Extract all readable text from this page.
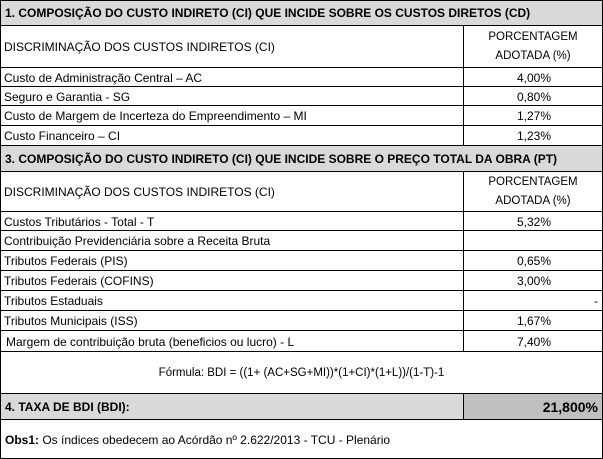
1. COMPOSIÇÃO DO CUSTO INDIRETO (CI) QUE INCIDE SOBRE OS CUSTOS DIRETOS (CD)
DISCRIMINAÇÃO DOS CUSTOS INDIRETOS (CI)
PORCENTAGEM
ADOTADA (%)
Custo de Administração Central – AC	4,00%
Seguro e Garantia - SG	0,80%
Custo de Margem de Incerteza do Empreendimento – MI	1,27%
Custo Financeiro – CI	1,23%
3. COMPOSIÇÃO DO CUSTO INDIRETO (CI) QUE INCIDE SOBRE O PREÇO TOTAL DA OBRA (PT)
DISCRIMINAÇÃO DOS CUSTOS INDIRETOS (CI)
PORCENTAGEM
ADOTADA (%)
Custos Tributários - Total - T	5,32%
Contribuição Previdenciária sobre a Receita Bruta
Tributos Federais (PIS)	0,65%
Tributos Federais (COFINS)	3,00%
Tributos Estaduais	-
Tributos Municipais (ISS)	1,67%
Margem de contribuição bruta (beneficios ou lucro) - L	7,40%
Fórmula: BDI = ((1+ (AC+SG+MI))*(1+CI)*(1+L))/(1-T)-1
4. TAXA DE BDI (BDI):	21,800%
Obs1: Os índices obedecem ao Acórdão nº 2.622/2013 - TCU - Plenário
